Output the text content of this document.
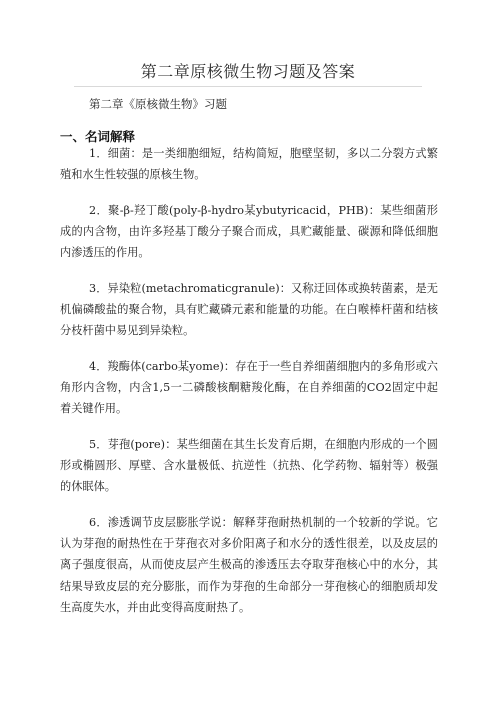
第二章原核微生物习题及答案
第二章《原核微生物》习题
一、名词解释

1．细菌：是一类细胞细短，结构简短，胞壁坚韧，多以二分裂方式繁殖和水生性较强的原核生物。

2．聚-β-羟丁酸(poly-β-hydro某ybutyricacid，PHB)：某些细菌形成的内含物，由许多羟基丁酸分子聚合而成，具贮藏能量、碳源和降低细胞内渗透压的作用。

3．异染粒(metachromaticgranule)：又称迂回体或换转菌素，是无机偏磷酸盐的聚合物，具有贮藏磷元素和能量的功能。在白喉棒杆菌和结核分枝杆菌中易见到异染粒。

4．羧酶体(carbo某yome)：存在于一些自养细菌细胞内的多角形或六角形内含物，内含1,5一二磷酸核酮糖羧化酶，在自养细菌的CO2固定中起着关键作用。

5．芽孢(pore)：某些细菌在其生长发育后期，在细胞内形成的一个圆形或椭圆形、厚壁、含水量极低、抗逆性（抗热、化学药物、辐射等）极强的休眠体。

6．渗透调节皮层膨胀学说：解释芽孢耐热机制的一个较新的学说。它认为芽孢的耐热性在于芽孢衣对多价阳离子和水分的透性很差，以及皮层的离子强度很高，从而使皮层产生极高的渗透压去夺取芽孢核心中的水分，其结果导致皮层的充分膨胀，而作为芽孢的生命部分一芽孢核心的细胞质却发生高度失水，并由此变得高度耐热了。
